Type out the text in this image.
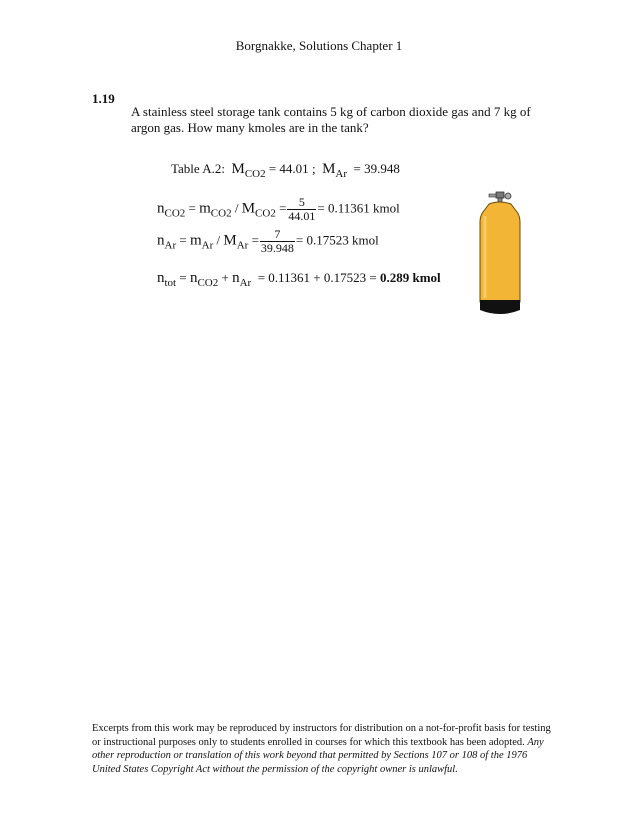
Borgnakke, Solutions Chapter 1
1.19
A stainless steel storage tank contains 5 kg of carbon dioxide gas and 7 kg of argon gas. How many kmoles are in the tank?
Table A.2: $M_{CO2} = 44.01$ ; $M_{Ar} = 39.948$
$n_{CO2} = m_{CO2} / M_{CO2} = \frac{5}{44.01} = 0.11361$ kmol
$n_{Ar} = m_{Ar} / M_{Ar} = \frac{7}{39.948} = 0.17523$ kmol
$n_{tot} = n_{CO2} + n_{Ar} = 0.11361 + 0.17523 = 0.289$ kmol
Excerpts from this work may be reproduced by instructors for distribution on a not-for-profit basis for testing or instructional purposes only to students enrolled in courses for which this textbook has been adopted. Any other reproduction or translation of this work beyond that permitted by Sections 107 or 108 of the 1976 United States Copyright Act without the permission of the copyright owner is unlawful.
